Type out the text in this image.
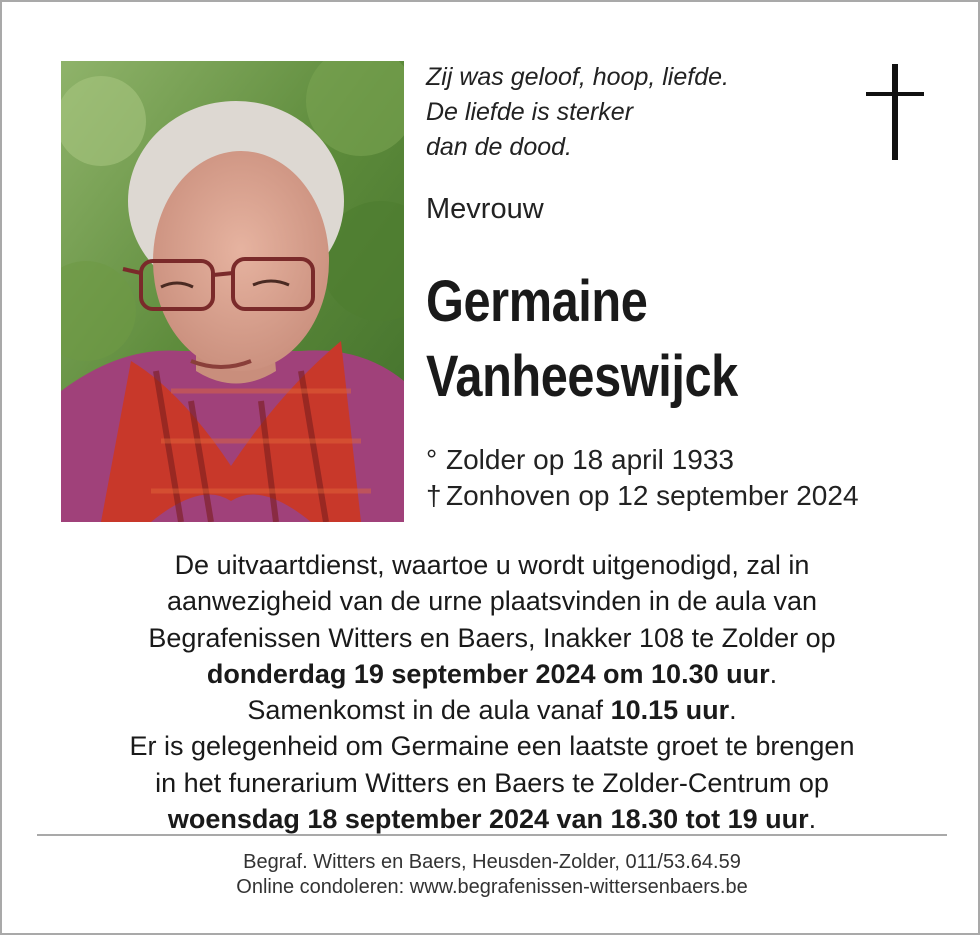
Zij was geloof, hoop, liefde.
De liefde is sterker
dan de dood.
Mevrouw
Germaine
Vanheeswijck
° Zolder op 18 april 1933
† Zonhoven op 12 september 2024

De uitvaartdienst, waartoe u wordt uitgenodigd, zal in

aanwezigheid van de urne plaatsvinden in de aula van

Begrafenissen Witters en Baers, Inakker 108 te Zolder op

donderdag 19 september 2024 om 10.30 uur.

Samenkomst in de aula vanaf 10.15 uur.

Er is gelegenheid om Germaine een laatste groet te brengen

in het funerarium Witters en Baers te Zolder-Centrum op

woensdag 18 september 2024 van 18.30 tot 19 uur.

Begraf. Witters en Baers, Heusden-Zolder, 011/53.64.59
Online condoleren: www.begrafenissen-wittersenbaers.be
